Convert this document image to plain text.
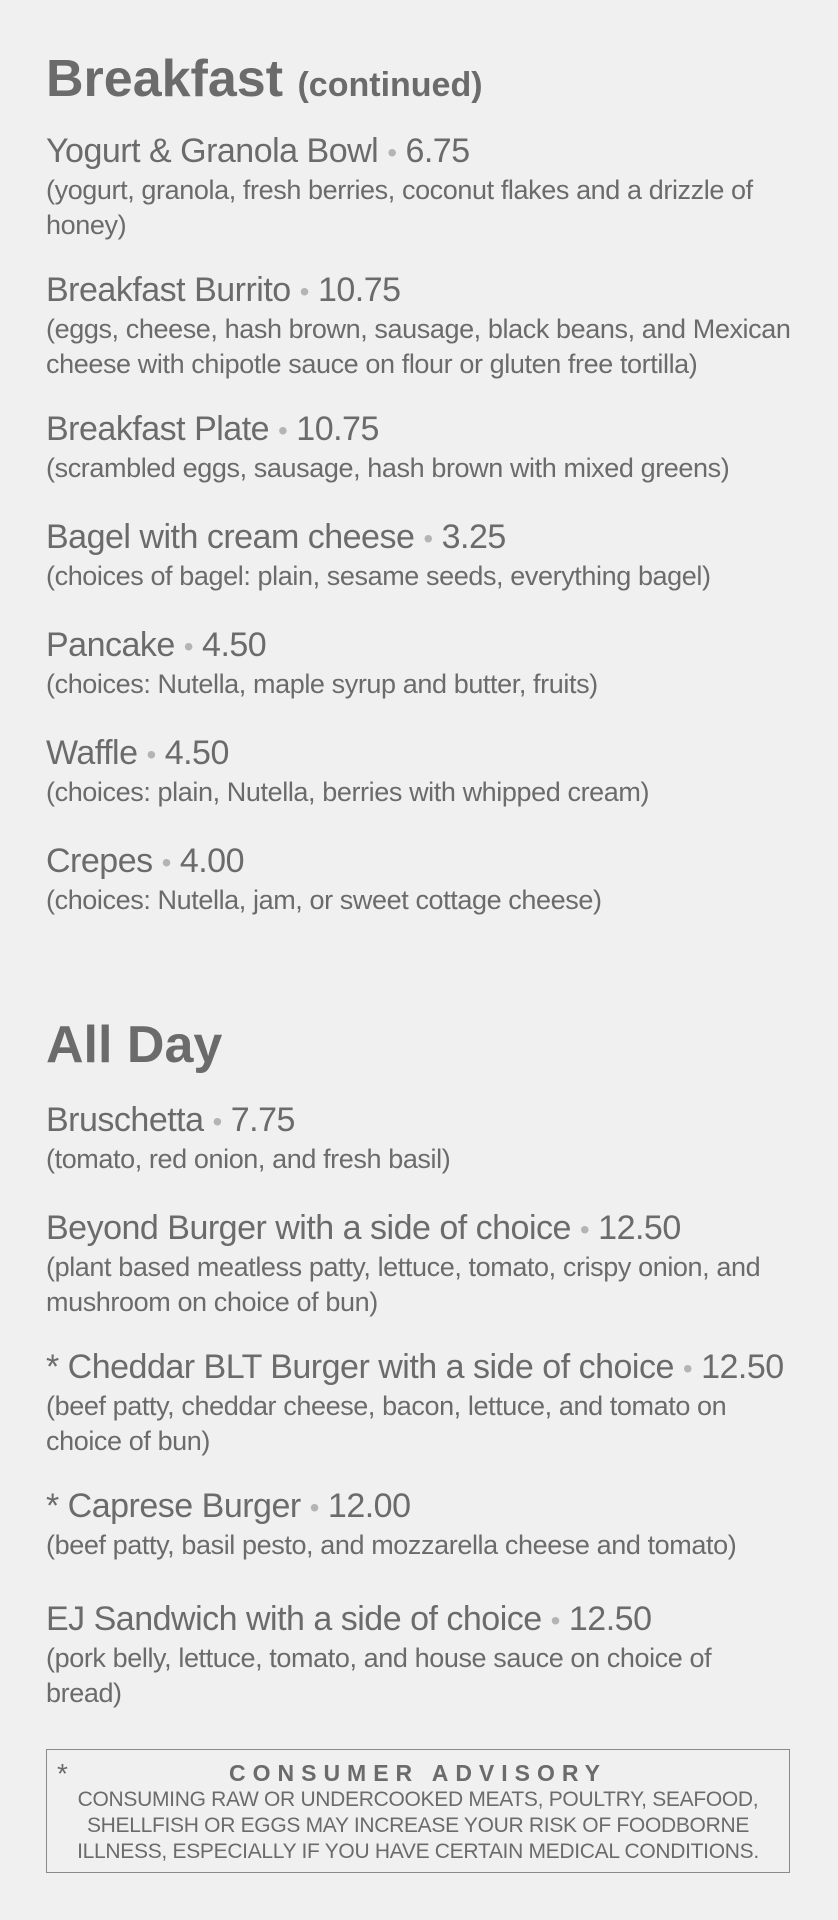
Breakfast (continued)
Yogurt & Granola Bowl • 6.75
(yogurt, granola, fresh berries, coconut flakes and a drizzle of honey)
Breakfast Burrito • 10.75
(eggs, cheese, hash brown, sausage, black beans, and Mexican cheese with chipotle sauce on flour or gluten free tortilla)
Breakfast Plate • 10.75
(scrambled eggs, sausage, hash brown with mixed greens)
Bagel with cream cheese • 3.25
(choices of bagel: plain, sesame seeds, everything bagel)
Pancake • 4.50
(choices: Nutella, maple syrup and butter, fruits)
Waffle • 4.50
(choices: plain, Nutella, berries with whipped cream)
Crepes • 4.00
(choices: Nutella, jam, or sweet cottage cheese)
All Day
Bruschetta • 7.75
(tomato, red onion, and fresh basil)
Beyond Burger with a side of choice • 12.50
(plant based meatless patty, lettuce, tomato, crispy onion, and mushroom on choice of bun)
* Cheddar BLT Burger with a side of choice • 12.50
(beef patty, cheddar cheese, bacon, lettuce, and tomato on choice of bun)
* Caprese Burger • 12.00
(beef patty, basil pesto, and mozzarella cheese and tomato)
EJ Sandwich with a side of choice • 12.50
(pork belly, lettuce, tomato, and house sauce on choice of bread)
*	CONSUMER ADVISORY
CONSUMING RAW OR UNDERCOOKED MEATS, POULTRY, SEAFOOD, SHELLFISH OR EGGS MAY INCREASE YOUR RISK OF FOODBORNE ILLNESS, ESPECIALLY IF YOU HAVE CERTAIN MEDICAL CONDITIONS.
